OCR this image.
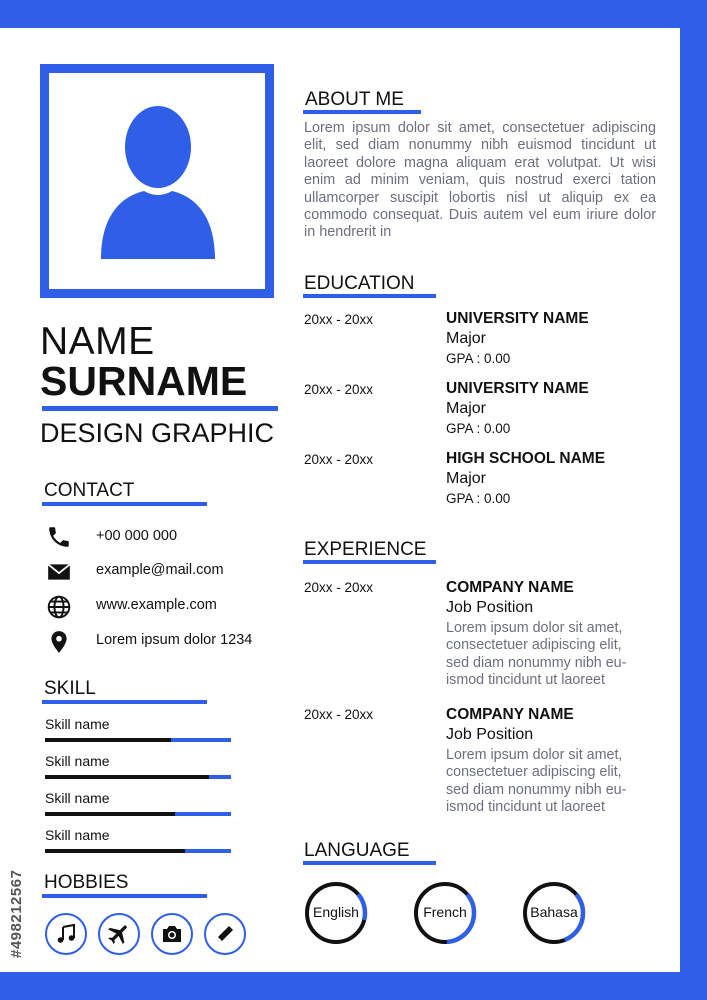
NAME
SURNAME
DESIGN GRAPHIC
CONTACT
+00 000 000
example@mail.com
www.example.com
Lorem ipsum dolor 1234
SKILL
Skill name
Skill name
Skill name
Skill name
HOBBIES
ABOUT ME
Lorem ipsum dolor sit amet, consectetuer adipiscing elit, sed diam nonummy nibh euismod tincidunt ut laoreet dolore magna aliquam erat volutpat. Ut wisi enim ad minim veniam, quis nostrud exerci tation ullamcorper suscipit lobortis nisl ut aliquip ex ea commodo consequat. Duis autem vel eum iriure dolor in hendrerit in
EDUCATION
20xx - 20xx	UNIVERSITY NAME
Major
GPA : 0.00
20xx - 20xx	UNIVERSITY NAME
Major
GPA : 0.00
20xx - 20xx	HIGH SCHOOL NAME
Major
GPA : 0.00
EXPERIENCE
20xx - 20xx	COMPANY NAME
Job Position
Lorem ipsum dolor sit amet,
consectetuer adipiscing elit,
sed diam nonummy nibh eu-
ismod tincidunt ut laoreet
20xx - 20xx	COMPANY NAME
Job Position
Lorem ipsum dolor sit amet,
consectetuer adipiscing elit,
sed diam nonummy nibh eu-
ismod tincidunt ut laoreet
LANGUAGE
English	French	Bahasa
#498212567
